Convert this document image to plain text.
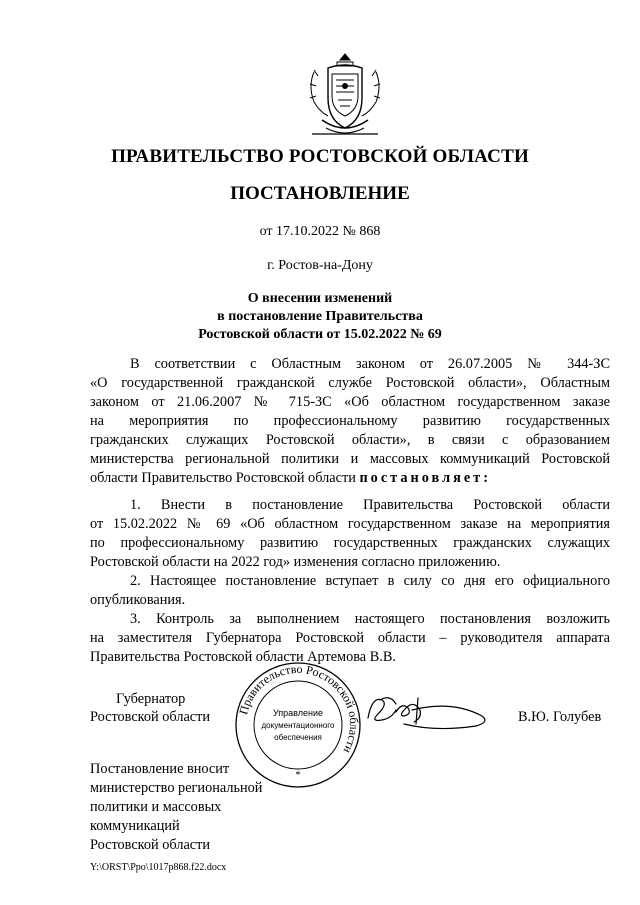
ПРАВИТЕЛЬСТВО РОСТОВСКОЙ ОБЛАСТИ
ПОСТАНОВЛЕНИЕ
от 17.10.2022 № 868
г. Ростов-на-Дону
О внесении изменений
в постановление Правительства
Ростовской области от 15.02.2022 № 69
В соответствии с Областным законом от 26.07.2005 № 344-ЗС
«О государственной гражданской службе Ростовской области», Областным
законом от 21.06.2007 № 715-ЗС «Об областном государственном заказе
на мероприятия по профессиональному развитию государственных
гражданских служащих Ростовской области», в связи с образованием
министерства региональной политики и массовых коммуникаций Ростовской
области Правительство Ростовской области постановляет:
1. Внести в постановление Правительства Ростовской области
от 15.02.2022 № 69 «Об областном государственном заказе на мероприятия
по профессиональному развитию государственных гражданских служащих
Ростовской области на 2022 год» изменения согласно приложению.
2. Настоящее постановление вступает в силу со дня его официального
опубликования.
3. Контроль за выполнением настоящего постановления возложить
на заместителя Губернатора Ростовской области – руководителя аппарата
Правительства Ростовской области Артемова В.В.
Губернатор
Ростовской области	В.Ю. Голубев
Правительство Ростовской области
Управление
документационного
обеспечения
*
Постановление вносит
министерство региональной
политики и массовых
коммуникаций
Ростовской области
Y:\ORST\Ppo\1017p868.f22.docx
